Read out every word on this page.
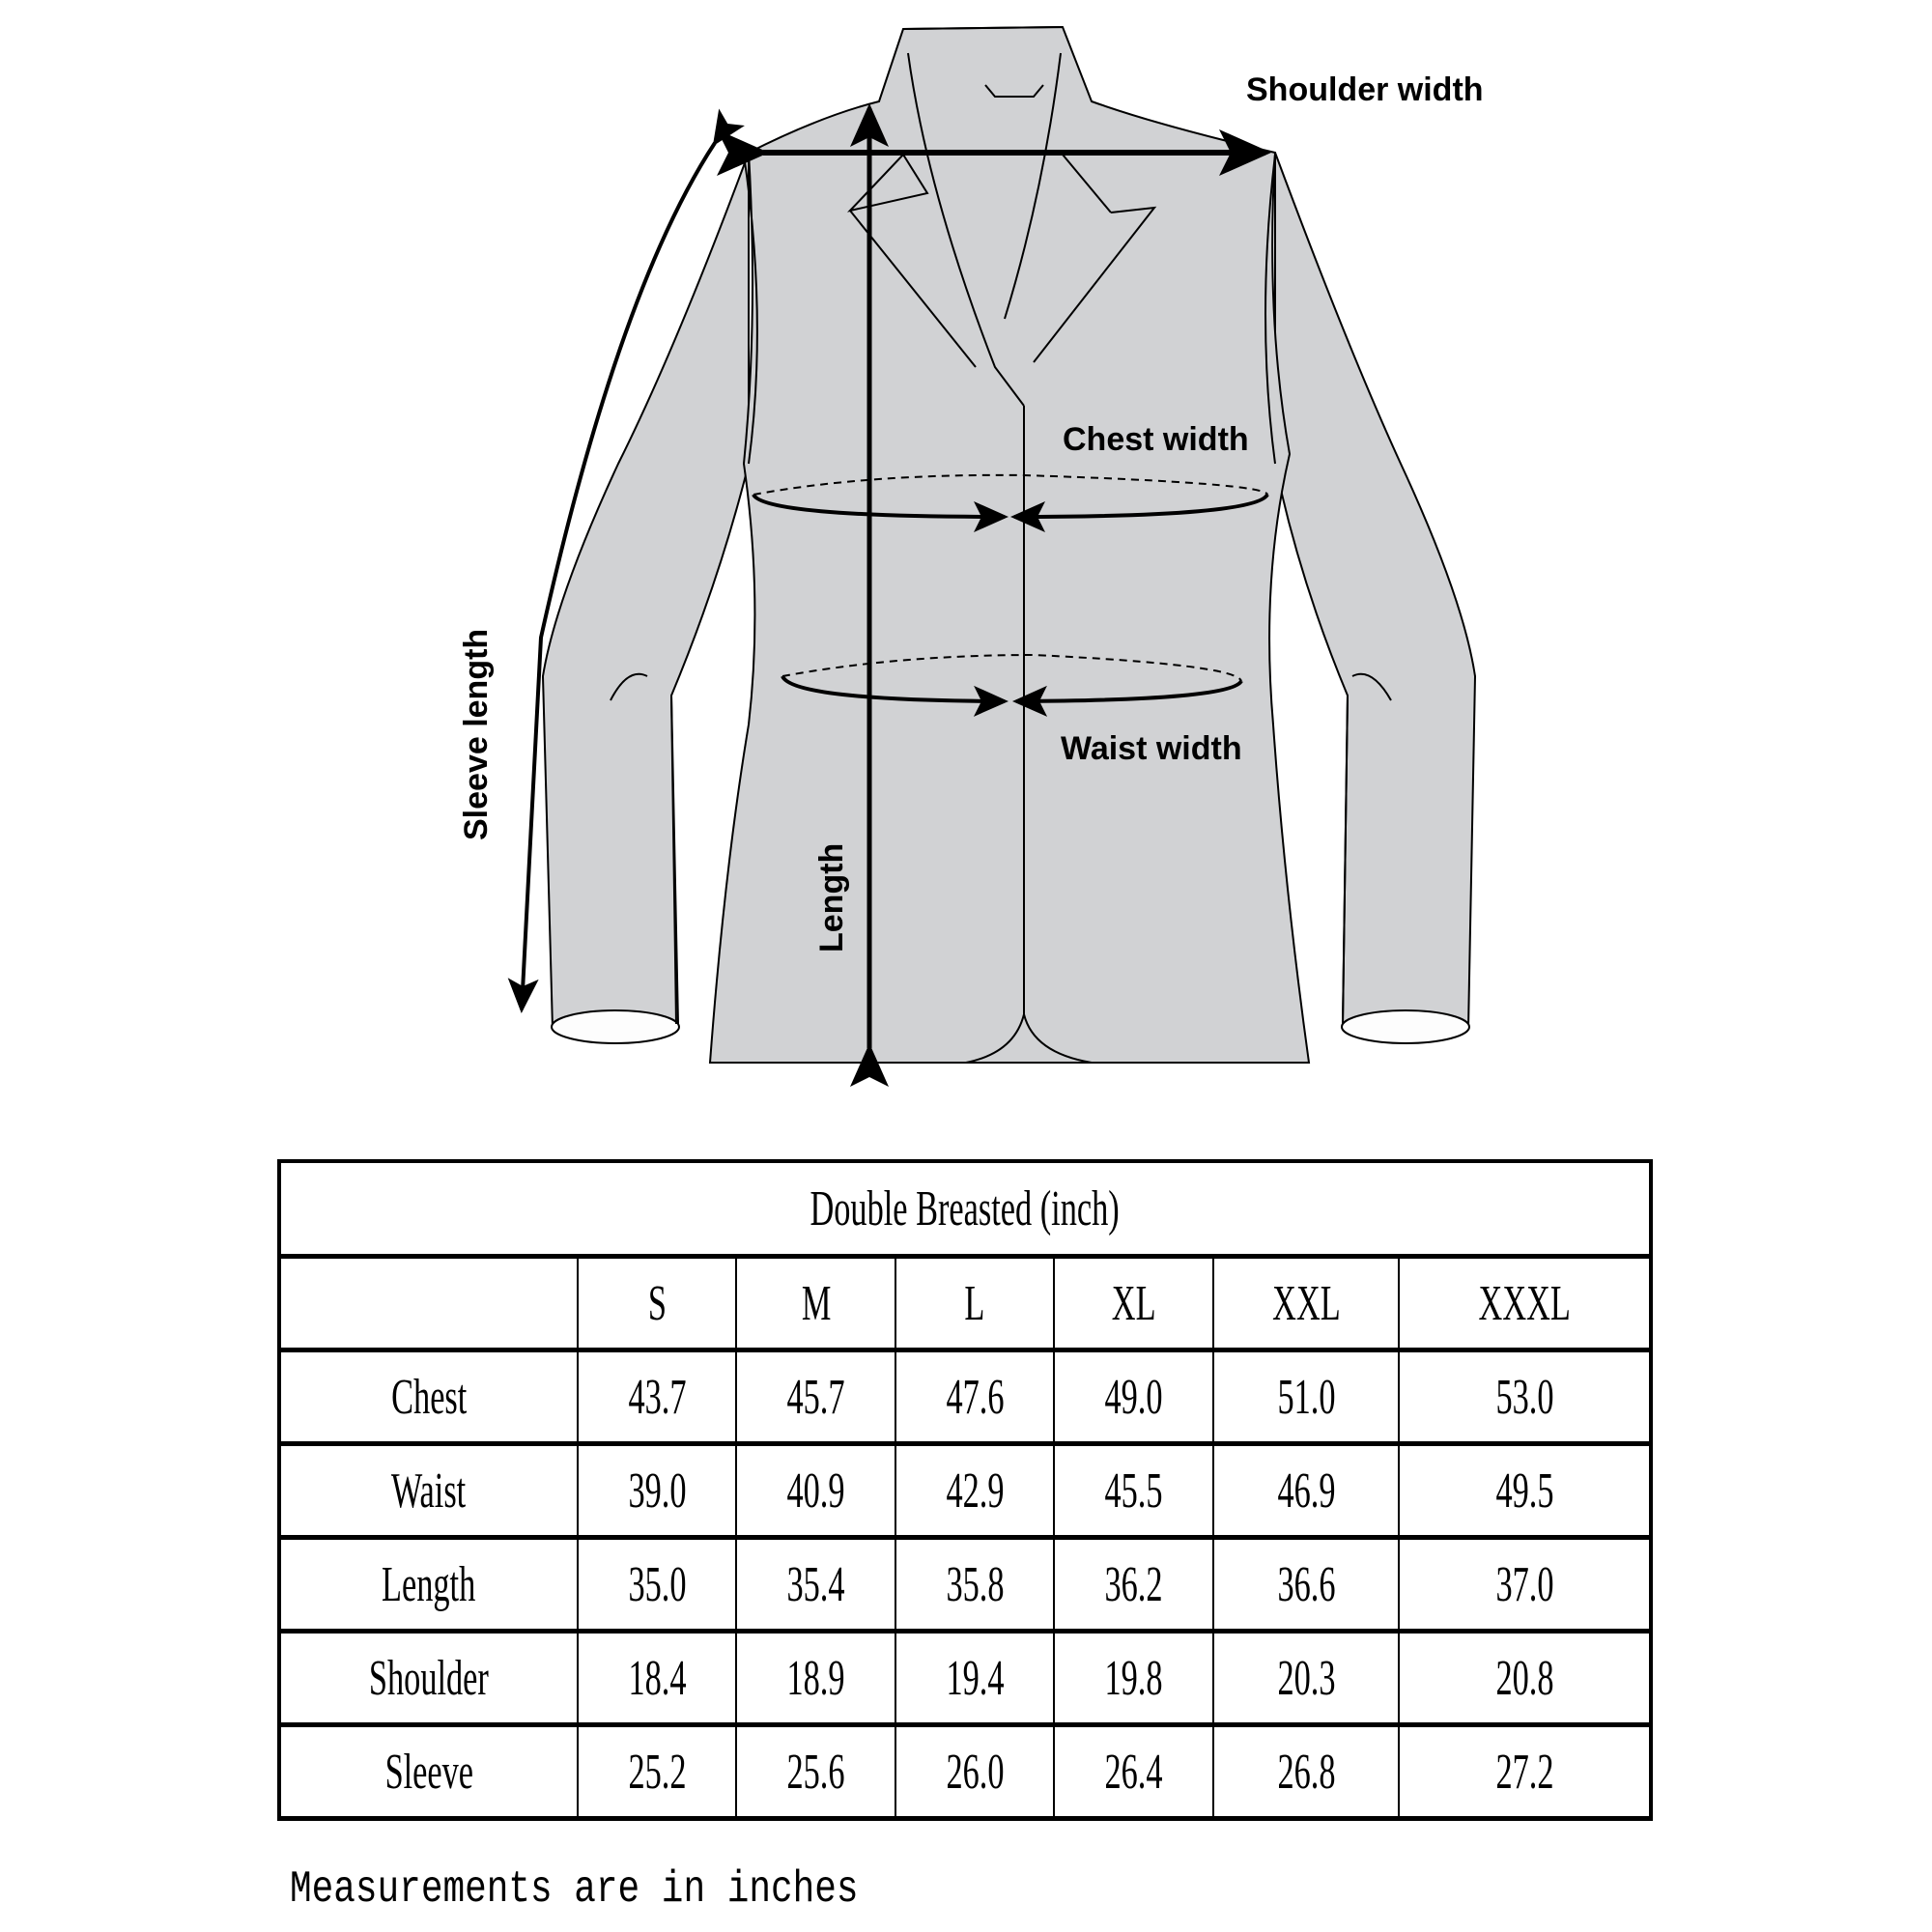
Shoulder width
Chest width
Waist width
Sleeve length
Length
Double Breasted (inch)						
	S	M	L	XL	XXL	XXXL
Chest	43.7	45.7	47.6	49.0	51.0	53.0
Waist	39.0	40.9	42.9	45.5	46.9	49.5
Length	35.0	35.4	35.8	36.2	36.6	37.0
Shoulder	18.4	18.9	19.4	19.8	20.3	20.8
Sleeve	25.2	25.6	26.0	26.4	26.8	27.2
Measurements are in inches
